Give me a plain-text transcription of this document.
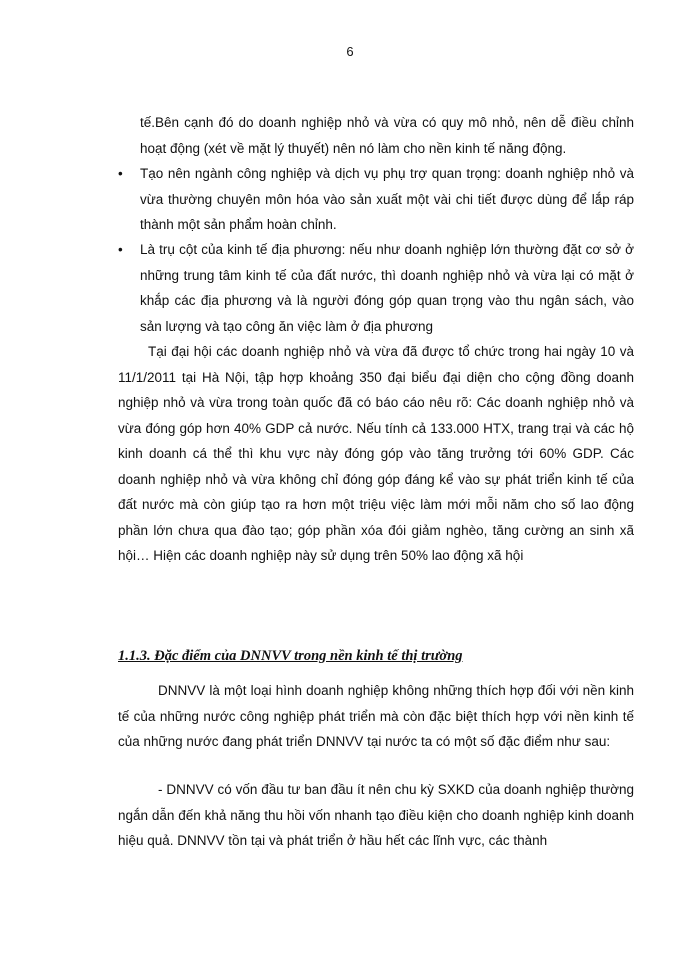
6

tế.Bên cạnh đó do doanh nghiệp nhỏ và vừa có quy mô nhỏ, nên dễ điều chỉnh hoạt động (xét về mặt lý thuyết) nên nó làm cho nền kinh tế năng động.

•	Tạo nên ngành công nghiệp và dịch vụ phụ trợ quan trọng: doanh nghiệp nhỏ và vừa thường chuyên môn hóa vào sản xuất một vài chi tiết được dùng để lắp ráp thành một sản phẩm hoàn chỉnh.
•	Là trụ cột của kinh tế địa phương: nếu như doanh nghiệp lớn thường đặt cơ sở ở những trung tâm kinh tế của đất nước, thì doanh nghiệp nhỏ và vừa lại có mặt ở khắp các địa phương và là người đóng góp quan trọng vào thu ngân sách, vào sản lượng và tạo công ăn việc làm ở địa phương

Tại đại hội các doanh nghiệp nhỏ và vừa đã được tổ chức trong hai ngày 10 và 11/1/2011 tại Hà Nội, tập hợp khoảng 350 đại biểu đại diện cho cộng đồng doanh nghiệp nhỏ và vừa trong toàn quốc đã có báo cáo nêu rõ: Các doanh nghiệp nhỏ và vừa đóng góp hơn 40% GDP cả nước. Nếu tính cả 133.000 HTX, trang trại và các hộ kinh doanh cá thể thì khu vực này đóng góp vào tăng trưởng tới 60% GDP. Các doanh nghiệp nhỏ và vừa không chỉ đóng góp đáng kể vào sự phát triển kinh tế của đất nước mà còn giúp tạo ra hơn một triệu việc làm mới mỗi năm cho số lao động phần lớn chưa qua đào tạo; góp phần xóa đói giảm nghèo, tăng cường an sinh xã hội… Hiện các doanh nghiệp này sử dụng trên 50% lao động xã hội

1.1.3. Đặc điểm của DNNVV trong nền kinh tế thị trường

DNNVV là một loại hình doanh nghiệp không những thích hợp đối với nền kinh tế của những nước công nghiệp phát triển mà còn đặc biệt thích hợp với nền kinh tế của những nước đang phát triển DNNVV tại nước ta có một số đặc điểm như sau:

- DNNVV có vốn đầu tư ban đầu ít nên chu kỳ SXKD của doanh nghiệp thường ngắn dẫn đến khả năng thu hồi vốn nhanh tạo điều kiện cho doanh nghiệp kinh doanh hiệu quả. DNNVV tồn tại và phát triển ở hầu hết các lĩnh vực, các thành
